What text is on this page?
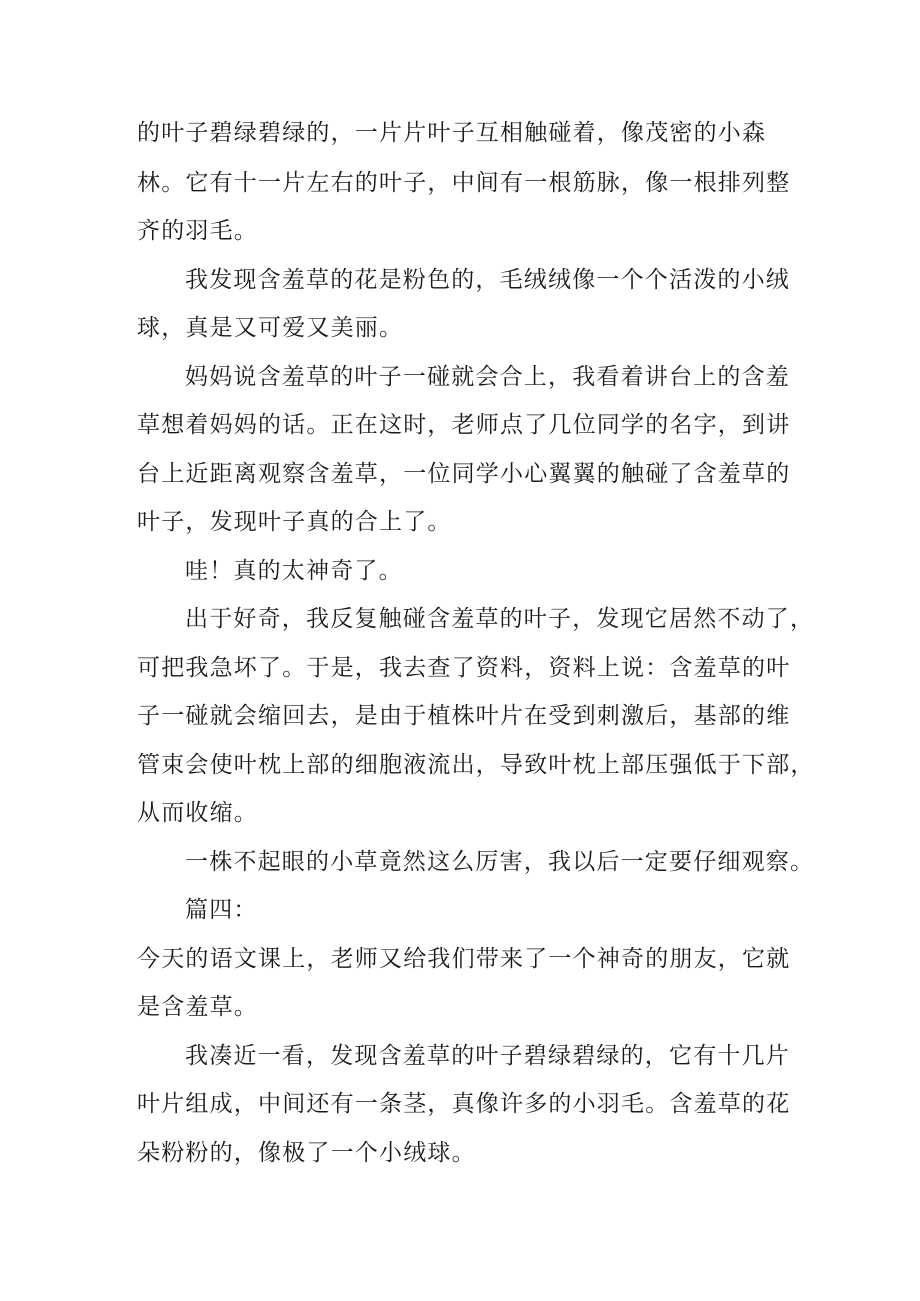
的叶子碧绿碧绿的，一片片叶子互相触碰着，像茂密的小森
林。它有十一片左右的叶子，中间有一根筋脉，像一根排列整
齐的羽毛。
我发现含羞草的花是粉色的，毛绒绒像一个个活泼的小绒
球，真是又可爱又美丽。
妈妈说含羞草的叶子一碰就会合上，我看着讲台上的含羞
草想着妈妈的话。正在这时，老师点了几位同学的名字，到讲
台上近距离观察含羞草，一位同学小心翼翼的触碰了含羞草的
叶子，发现叶子真的合上了。
哇！真的太神奇了。
出于好奇，我反复触碰含羞草的叶子，发现它居然不动了，
可把我急坏了。于是，我去查了资料，资料上说：含羞草的叶
子一碰就会缩回去，是由于植株叶片在受到刺激后，基部的维
管束会使叶枕上部的细胞液流出，导致叶枕上部压强低于下部，
从而收缩。
一株不起眼的小草竟然这么厉害，我以后一定要仔细观察。
篇四：
今天的语文课上，老师又给我们带来了一个神奇的朋友，它就
是含羞草。
我凑近一看，发现含羞草的叶子碧绿碧绿的，它有十几片
叶片组成，中间还有一条茎，真像许多的小羽毛。含羞草的花
朵粉粉的，像极了一个小绒球。
